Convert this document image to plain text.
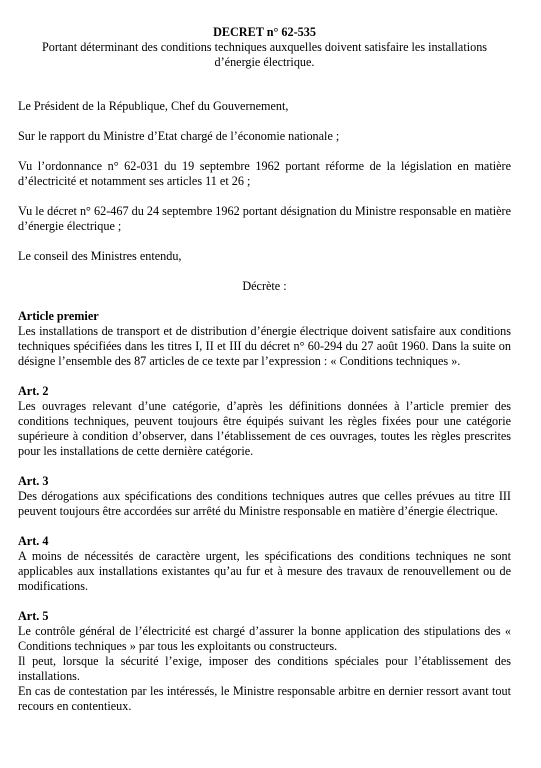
DECRET n° 62-535

Portant déterminant des conditions techniques auxquelles doivent satisfaire les installations d’énergie électrique.

Le Président de la République, Chef du Gouvernement,

Sur le rapport du Ministre d’Etat chargé de l’économie nationale ;

Vu l’ordonnance n° 62-031 du 19 septembre 1962 portant réforme de la législation en matière d’électricité et notamment ses articles 11 et 26 ;

Vu le décret n° 62-467 du 24 septembre 1962 portant désignation du Ministre responsable en matière d’énergie électrique ;

Le conseil des Ministres entendu,

Décrète :

Article premier

Les installations de transport et de distribution d’énergie électrique doivent satisfaire aux conditions techniques spécifiées dans les titres I, II et III du décret n° 60-294 du 27 août 1960. Dans la suite on désigne l’ensemble des 87 articles de ce texte par l’expression : « Conditions techniques ».

Art. 2

Les ouvrages relevant d’une catégorie, d’après les définitions données à l’article premier des conditions techniques, peuvent toujours être équipés suivant les règles fixées pour une catégorie supérieure à condition d’observer, dans l’établissement de ces ouvrages, toutes les règles prescrites pour les installations de cette dernière catégorie.

Art. 3

Des dérogations aux spécifications des conditions techniques autres que celles prévues au titre III peuvent toujours être accordées sur arrêté du Ministre responsable en matière d’énergie électrique.

Art. 4

A moins de nécessités de caractère urgent, les spécifications des conditions techniques ne sont applicables aux installations existantes qu’au fur et à mesure des travaux de renouvellement ou de modifications.

Art. 5

Le contrôle général de l’électricité est chargé d’assurer la bonne application des stipulations des « Conditions techniques » par tous les exploitants ou constructeurs.

Il peut, lorsque la sécurité l’exige, imposer des conditions spéciales pour l’établissement des installations.

En cas de contestation par les intéressés, le Ministre responsable arbitre en dernier ressort avant tout recours en contentieux.
